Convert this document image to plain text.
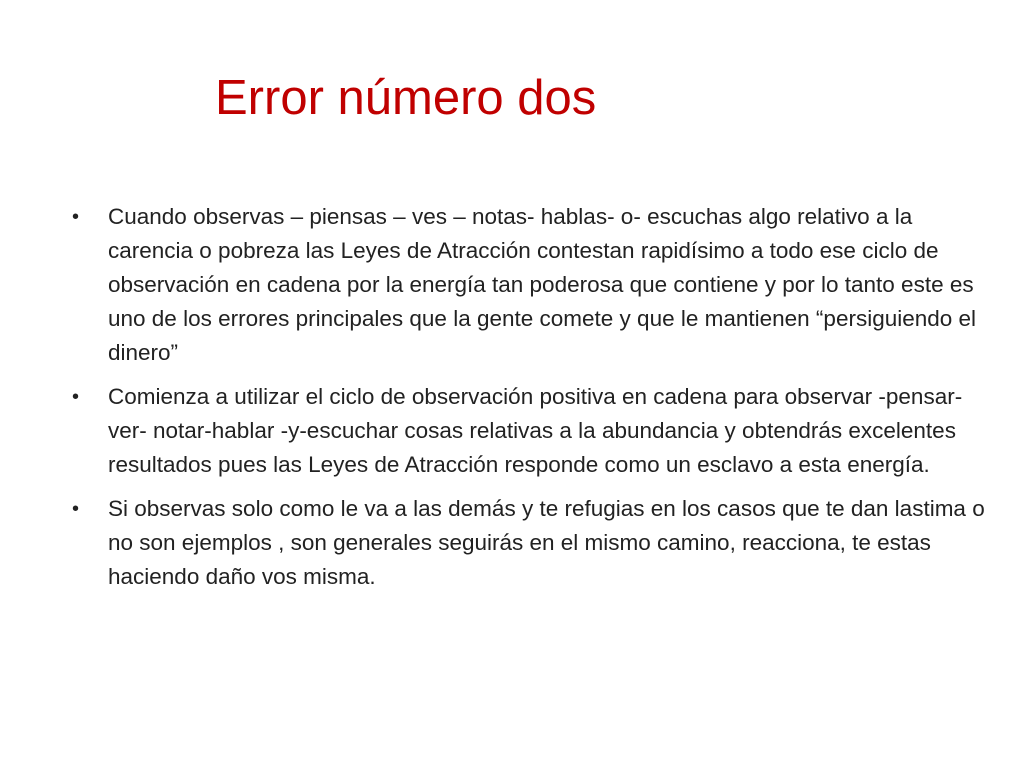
Error número dos
• Cuando observas – piensas – ves – notas- hablas- o- escuchas algo relativo a la carencia o pobreza las Leyes de Atracción contestan rapidísimo a todo ese ciclo de observación en cadena por la energía tan poderosa que contiene y por lo tanto este es uno de los errores principales que la gente comete y que le mantienen “persiguiendo el dinero”
• Comienza a utilizar el ciclo de observación positiva en cadena para observar -pensar-ver- notar-hablar -y-escuchar cosas relativas a la abundancia y obtendrás excelentes resultados pues las Leyes de Atracción responde como un esclavo a esta energía.
• Si observas solo como le va a las demás y te refugias en los casos que te dan lastima o no son ejemplos , son generales seguirás en el mismo camino, reacciona, te estas haciendo daño vos misma.
